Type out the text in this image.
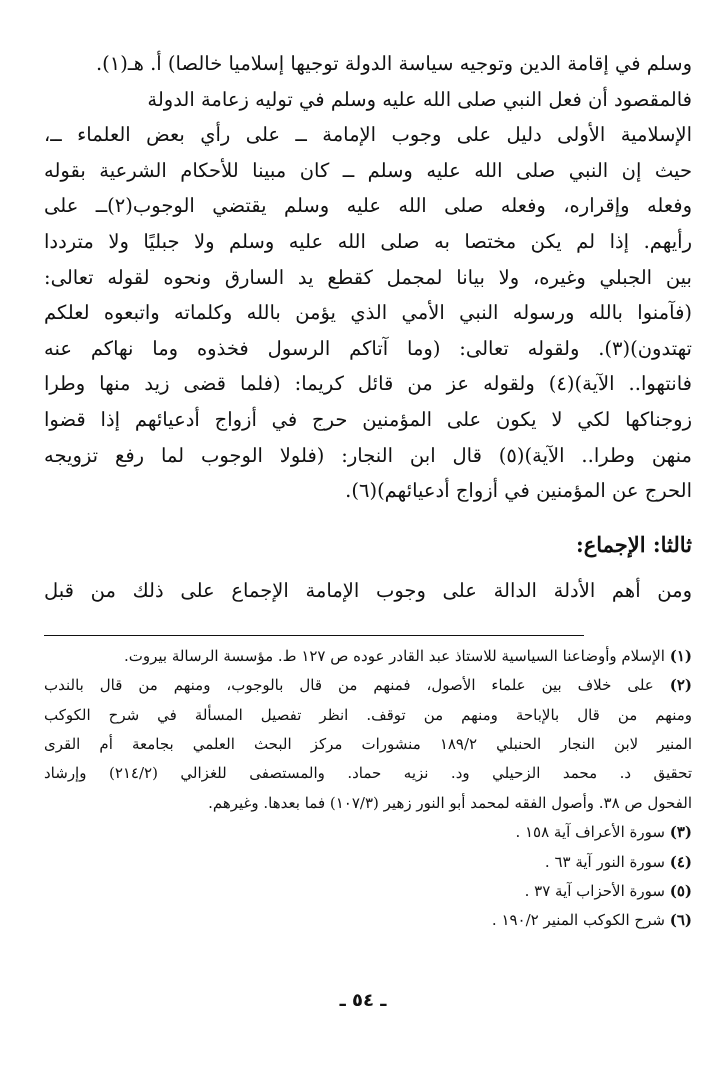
وسلم في إقامة الدين وتوجيه سياسة الدولة توجيها إسلاميا خالصا) أ. هـ(١).
فالمقصود أن فعل النبي صلى الله عليه وسلم في توليه زعامة الدولة
الإسلامية الأولى دليل على وجوب الإمامة ــ على رأي بعض العلماء ــ،
حيث إن النبي صلى الله عليه وسلم ــ كان مبينا للأحكام الشرعية بقوله
وفعله وإقراره، وفعله صلى الله عليه وسلم يقتضي الوجوب(٢)ــ على
رأيهم. إذا لم يكن مختصا به صلى الله عليه وسلم ولا جبليًا ولا مترددا
بين الجبلي وغيره، ولا بيانا لمجمل كقطع يد السارق ونحوه لقوله تعالى:
(فآمنوا بالله ورسوله النبي الأمي الذي يؤمن بالله وكلماته واتبعوه لعلكم
تهتدون)(٣). ولقوله تعالى: (وما آتاكم الرسول فخذوه وما نهاكم عنه
فانتهوا.. الآية)(٤) ولقوله عز من قائل كريما: (فلما قضى زيد منها وطرا
زوجناكها لكي لا يكون على المؤمنين حرج في أزواج أدعيائهم إذا قضوا
منهن وطرا.. الآية)(٥) قال ابن النجار: (فلولا الوجوب لما رفع تزويجه
الحرج عن المؤمنين في أزواج أدعيائهم)(٦).
ثالثا: الإجماع:
ومن أهم الأدلة الدالة على وجوب الإمامة الإجماع على ذلك من قبل
(١) الإسلام وأوضاعنا السياسية للاستاذ عبد القادر عوده ص ١٢٧ ط. مؤسسة الرسالة بيروت.
(٢) على خلاف بين علماء الأصول، فمنهم من قال بالوجوب، ومنهم من قال بالندب
ومنهم من قال بالإباحة ومنهم من توقف. انظر تفصيل المسألة في شرح الكوكب
المنير لابن النجار الحنبلي ١٨٩/٢ منشورات مركز البحث العلمي بجامعة أم القرى
تحقيق د. محمد الزحيلي ود. نزيه حماد. والمستصفى للغزالي (٢١٤/٢) وإرشاد
الفحول ص ٣٨. وأصول الفقه لمحمد أبو النور زهير (١٠٧/٣) فما بعدها. وغيرهم.
(٣) سورة الأعراف آية ١٥٨ .
(٤) سورة النور آية ٦٣ .
(٥) سورة الأحزاب آية ٣٧ .
(٦) شرح الكوكب المنير ١٩٠/٢ .
ـ ٥٤ ـ
